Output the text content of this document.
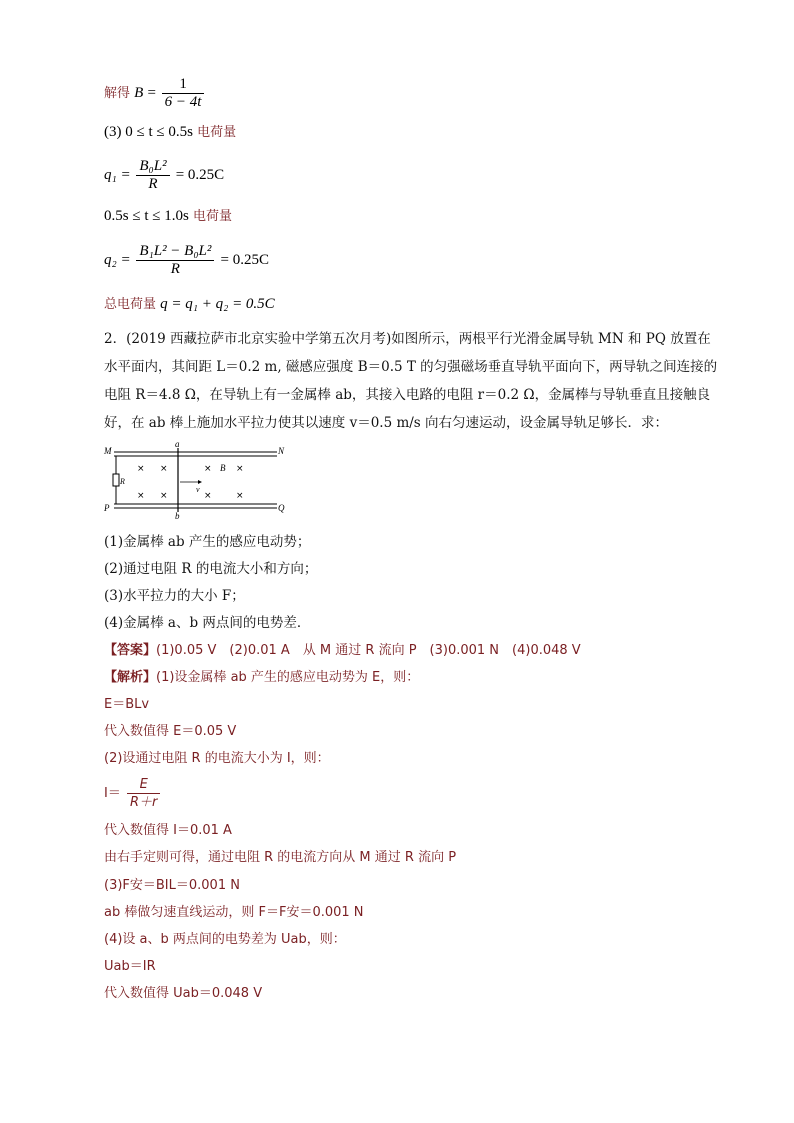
解得 $B = \frac{1}{6 - 4t}$
(3) 0 ≤ t ≤ 0.5s 电荷量
$q_1 = \frac{\text{B₀L²}}{R} = 0.25C$
0.5s ≤ t ≤ 1.0s 电荷量
$q_2 = \frac{\text{B₁L² − B₀L²}}{R} = 0.25C$
总电荷量 q = q₁ + q₂ = 0.5C
2．(2019 西藏拉萨市北京实验中学第五次月考)如图所示，两根平行光滑金属导轨 MN 和 PQ 放置在水平面内，其间距 L＝0.2 m, 磁感应强度 B＝0.5 T 的匀强磁场垂直导轨平面向下，两导轨之间连接的电阻 R＝4.8 Ω，在导轨上有一金属棒 ab，其接入电路的电阻 r＝0.2 Ω，金属棒与导轨垂直且接触良好，在 ab 棒上施加水平拉力使其以速度 v＝0.5 m/s 向右匀速运动，设金属导轨足够长．求：
× ×	×	×
× ×	×	×
M	N
P	Q
a
b
R
B
v
(1)金属棒 ab 产生的感应电动势；
(2)通过电阻 R 的电流大小和方向；
(3)水平拉力的大小 F；
(4)金属棒 a、b 两点间的电势差．
【答案】(1)0.05 V　(2)0.01 A　从 M 通过 R 流向 P　(3)0.001 N　(4)0.048 V
【解析】(1)设金属棒 ab 产生的感应电动势为 E，则：
E＝BLv
代入数值得 E＝0.05 V
(2)设通过电阻 R 的电流大小为 I，则：
$I= \frac{E}{R+r}$
代入数值得 I＝0.01 A
由右手定则可得，通过电阻 R 的电流方向从 M 通过 R 流向 P
(3)F安＝BIL＝0.001 N
ab 棒做匀速直线运动，则 F＝F安＝0.001 N
(4)设 a、b 两点间的电势差为 Uab，则：
Uab＝IR
代入数值得 Uab＝0.048 V
